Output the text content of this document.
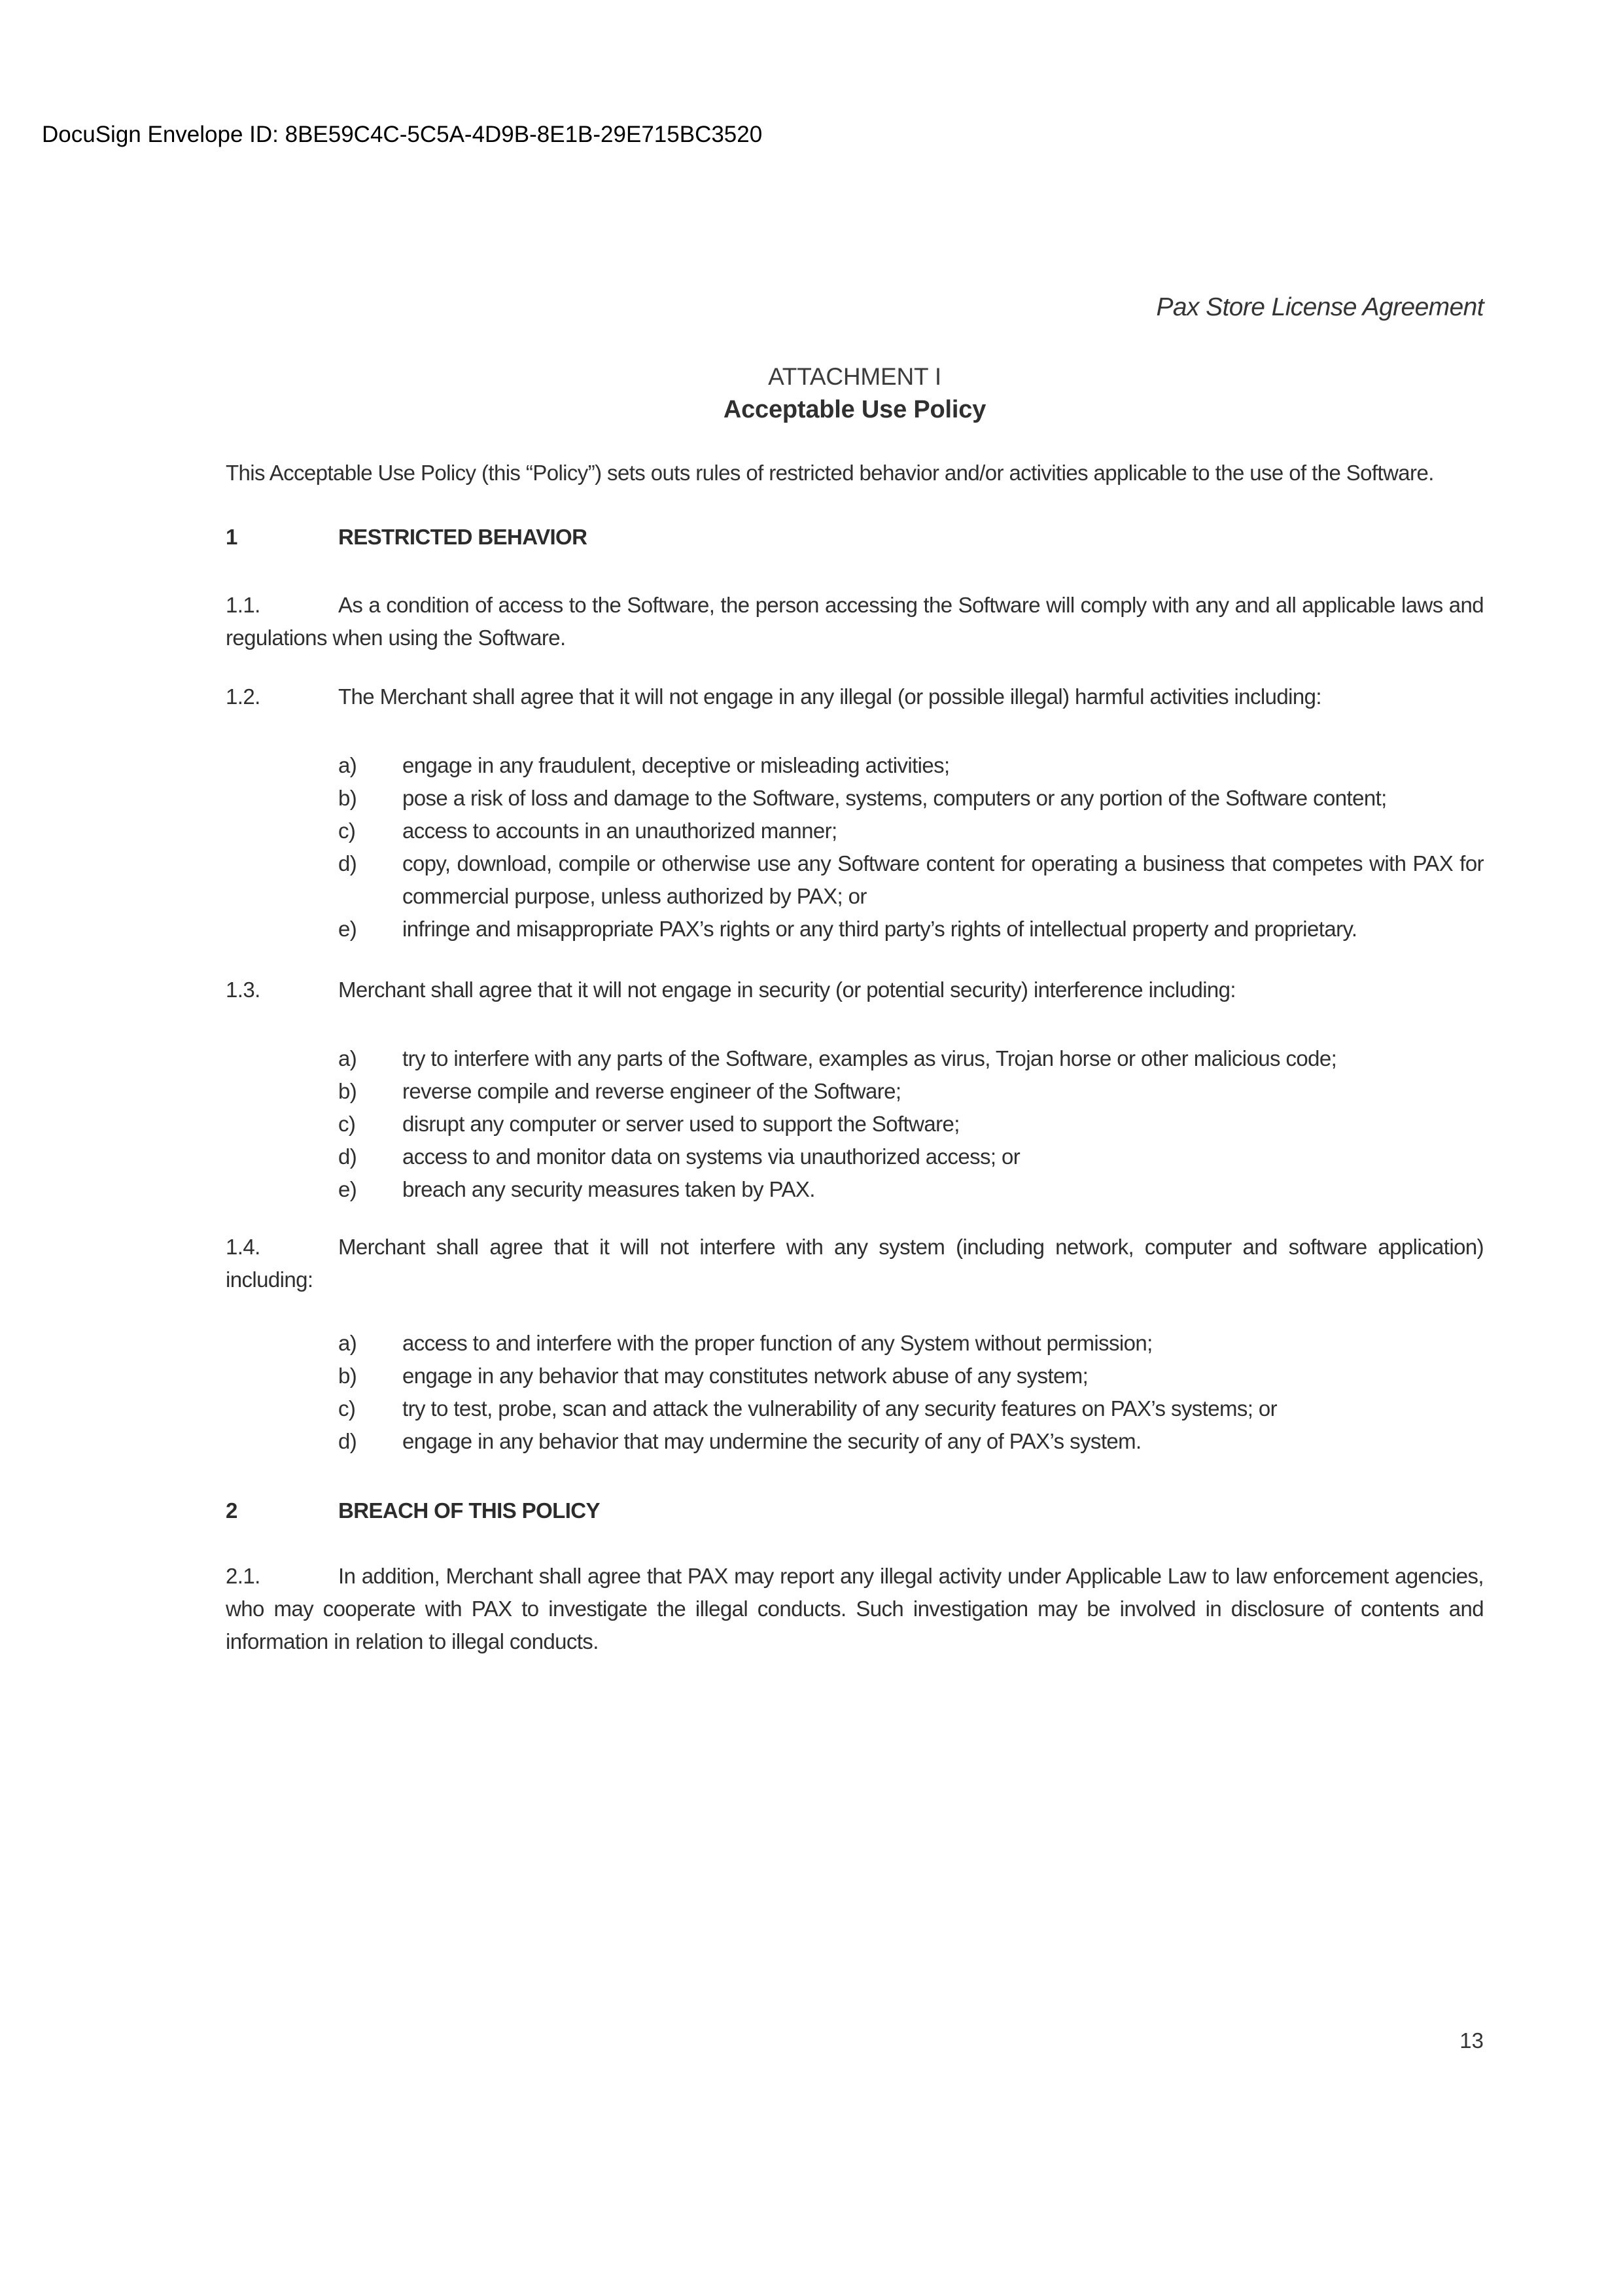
DocuSign Envelope ID: 8BE59C4C-5C5A-4D9B-8E1B-29E715BC3520
Pax Store License Agreement
ATTACHMENT I
Acceptable Use Policy

This Acceptable Use Policy (this “Policy”) sets outs rules of restricted behavior and/or activities applicable to the use of the Software.

1	RESTRICTED BEHAVIOR

1.1.	As a condition of access to the Software, the person accessing the Software will comply with any and all applicable laws and regulations when using the Software.

1.2.	The Merchant shall agree that it will not engage in any illegal (or possible illegal) harmful activities including:

a)	engage in any fraudulent, deceptive or misleading activities;
b)	pose a risk of loss and damage to the Software, systems, computers or any portion of the Software content;
c)	access to accounts in an unauthorized manner;
d)	copy, download, compile or otherwise use any Software content for operating a business that competes with PAX for commercial purpose, unless authorized by PAX; or
e)	infringe and misappropriate PAX’s rights or any third party’s rights of intellectual property and proprietary.

1.3.	Merchant shall agree that it will not engage in security (or potential security) interference including:

a)	try to interfere with any parts of the Software, examples as virus, Trojan horse or other malicious code;
b)	reverse compile and reverse engineer of the Software;
c)	disrupt any computer or server used to support the Software;
d)	access to and monitor data on systems via unauthorized access; or
e)	breach any security measures taken by PAX.

1.4.	Merchant shall agree that it will not interfere with any system (including network, computer and software application) including:

a)	access to and interfere with the proper function of any System without permission;
b)	engage in any behavior that may constitutes network abuse of any system;
c)	try to test, probe, scan and attack the vulnerability of any security features on PAX’s systems; or
d)	engage in any behavior that may undermine the security of any of PAX’s system.

2	BREACH OF THIS POLICY

2.1.	In addition, Merchant shall agree that PAX may report any illegal activity under Applicable Law to law enforcement agencies, who may cooperate with PAX to investigate the illegal conducts. Such investigation may be involved in disclosure of contents and information in relation to illegal conducts.

13
